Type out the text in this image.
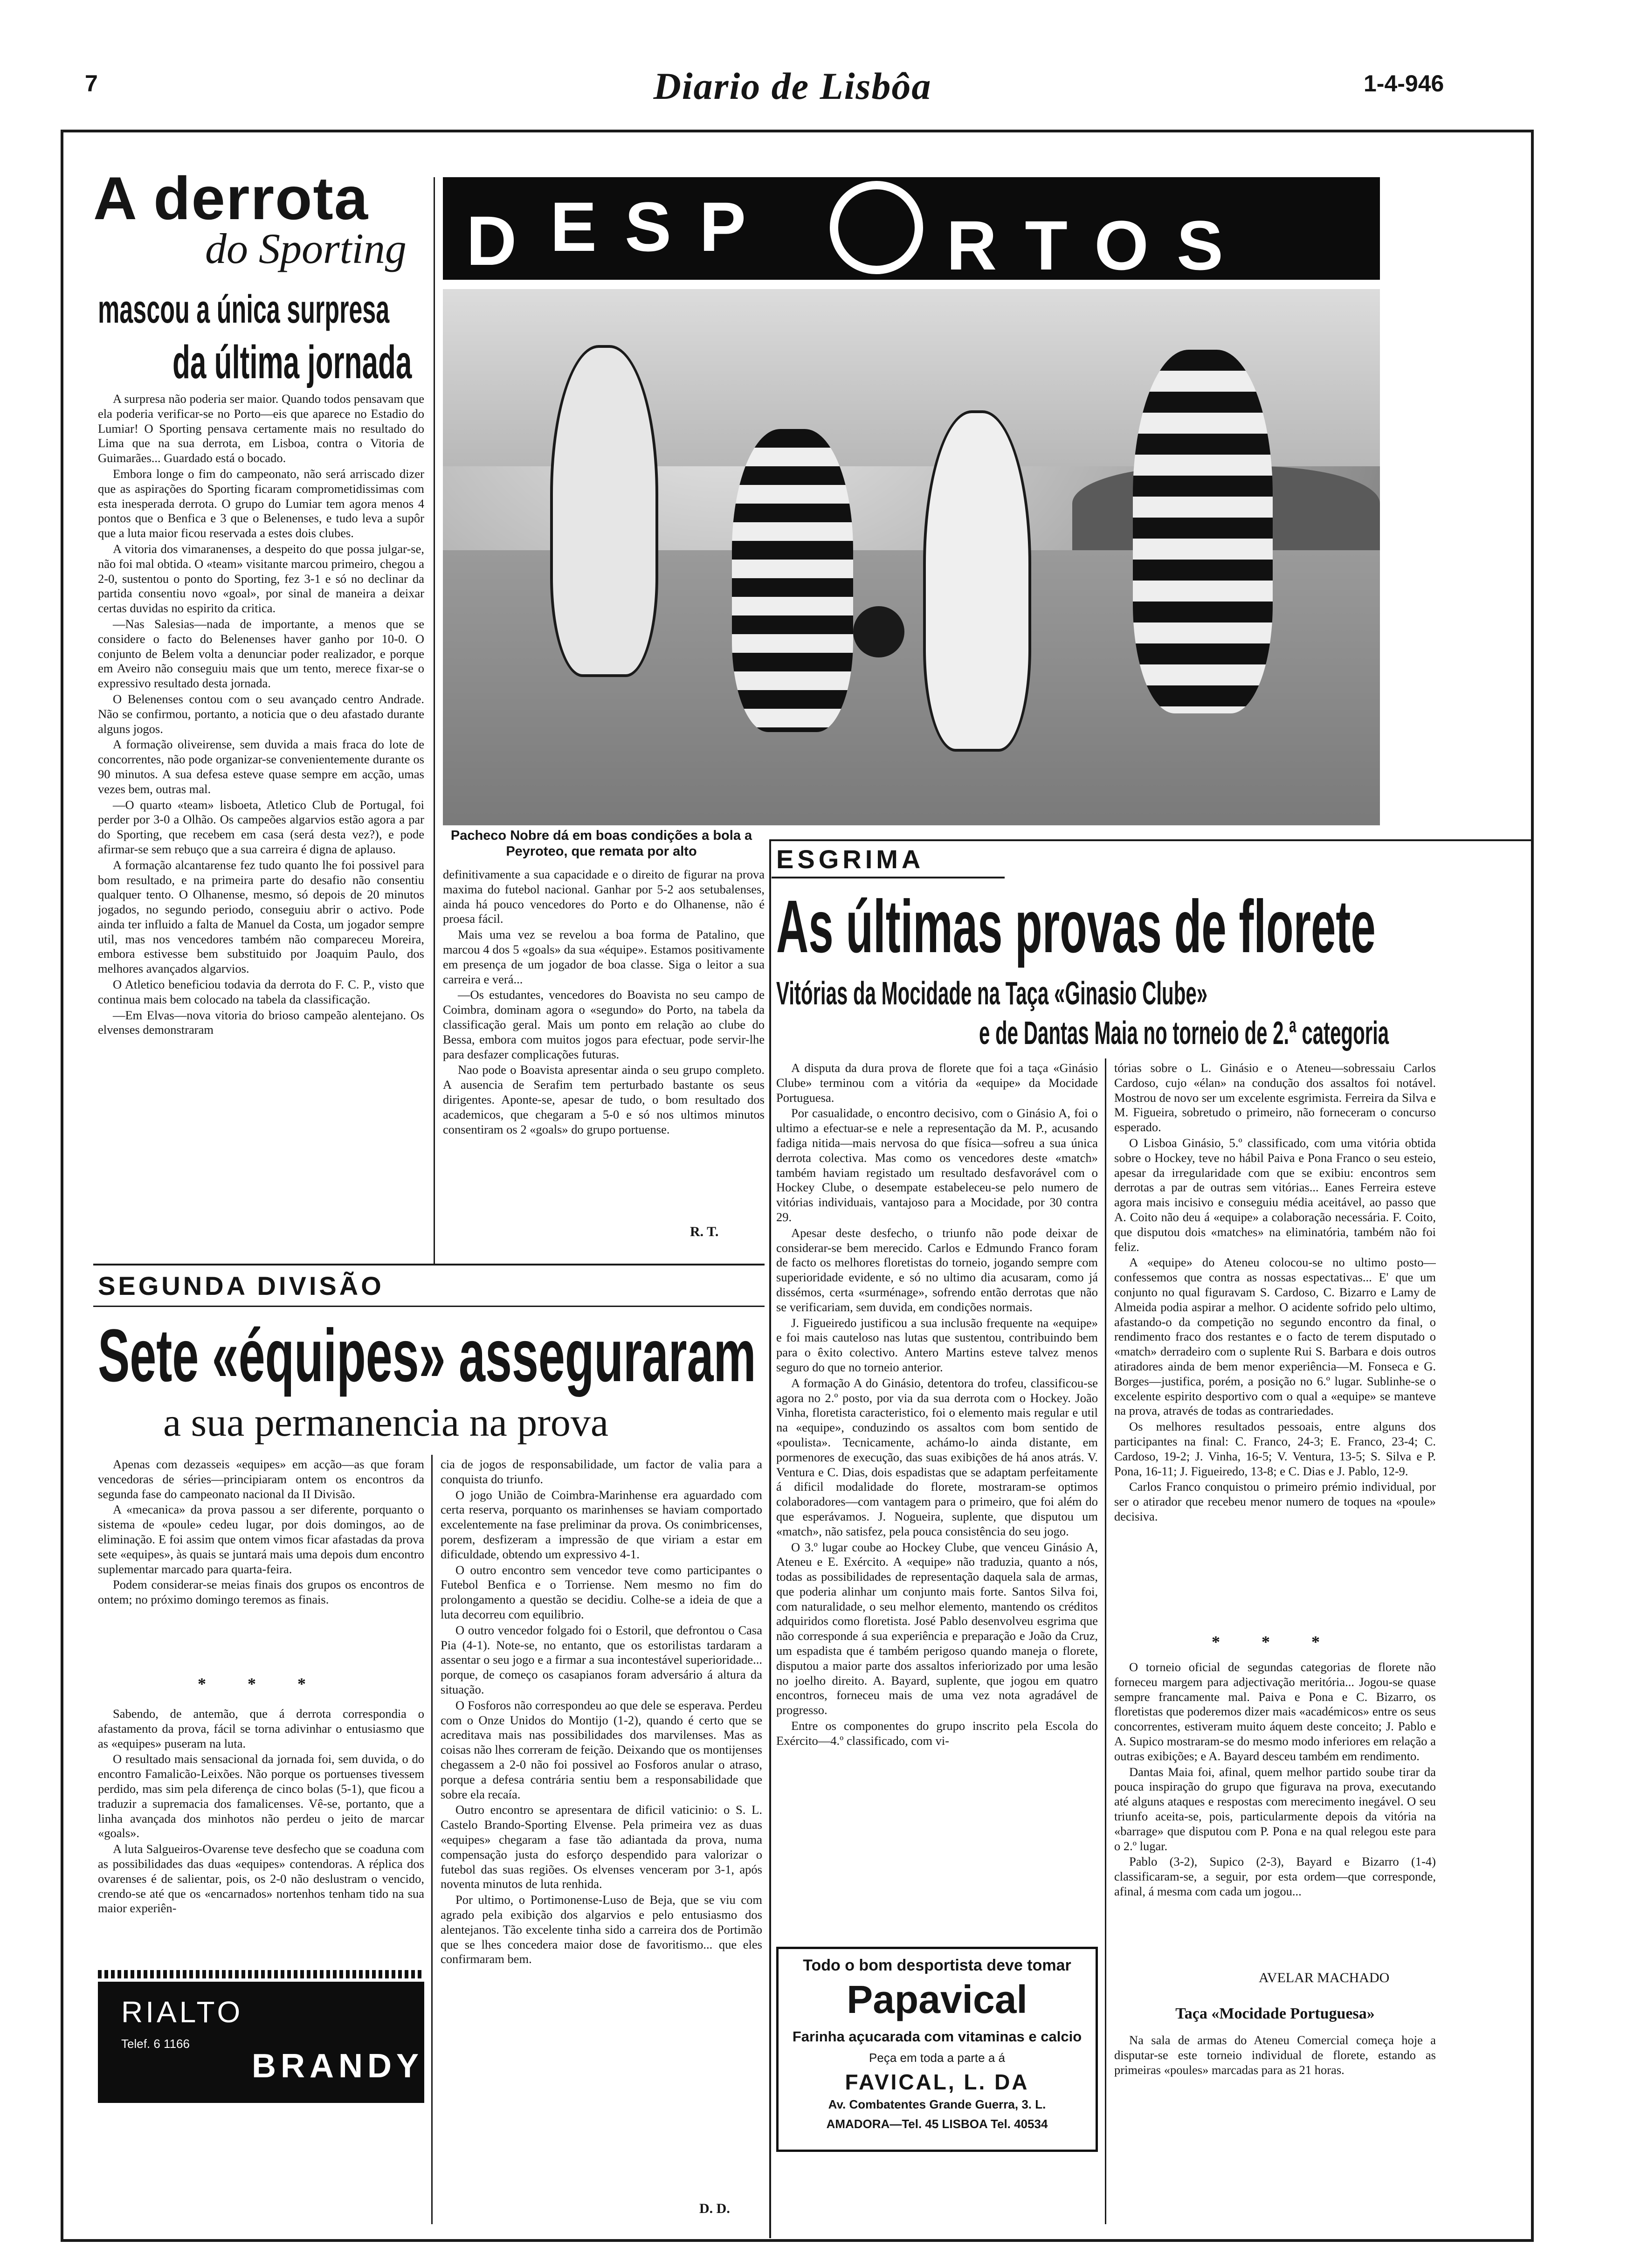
7	Diario de Lisbôa	1-4-946
A derrota
do Sporting
mascou a única surpresa
da última jornada

A surpresa não poderia ser maior. Quando todos pensavam que ela poderia verificar-se no Porto—eis que aparece no Estadio do Lumiar! O Sporting pensava certamente mais no resultado do Lima que na sua derrota, em Lisboa, contra o Vitoria de Guimarães... Guardado está o bocado.

Embora longe o fim do campeonato, não será arriscado dizer que as aspirações do Sporting ficaram comprometidissimas com esta inesperada derrota. O grupo do Lumiar tem agora menos 4 pontos que o Benfica e 3 que o Belenenses, e tudo leva a supôr que a luta maior ficou reservada a estes dois clubes.

A vitoria dos vimaranenses, a despeito do que possa julgar-se, não foi mal obtida. O «team» visitante marcou primeiro, chegou a 2-0, sustentou o ponto do Sporting, fez 3-1 e só no declinar da partida consentiu novo «goal», por sinal de maneira a deixar certas duvidas no espirito da critica.

—Nas Salesias—nada de importante, a menos que se considere o facto do Belenenses haver ganho por 10-0. O conjunto de Belem volta a denunciar poder realizador, e porque em Aveiro não conseguiu mais que um tento, merece fixar-se o expressivo resultado desta jornada.

O Belenenses contou com o seu avançado centro Andrade. Não se confirmou, portanto, a noticia que o deu afastado durante alguns jogos.

A formação oliveirense, sem duvida a mais fraca do lote de concorrentes, não pode organizar-se convenientemente durante os 90 minutos. A sua defesa esteve quase sempre em acção, umas vezes bem, outras mal.

—O quarto «team» lisboeta, Atletico Club de Portugal, foi perder por 3-0 a Olhão. Os campeões algarvios estão agora a par do Sporting, que recebem em casa (será desta vez?), e pode afirmar-se sem rebuço que a sua carreira é digna de aplauso.

A formação alcantarense fez tudo quanto lhe foi possivel para bom resultado, e na primeira parte do desafio não consentiu qualquer tento. O Olhanense, mesmo, só depois de 20 minutos jogados, no segundo periodo, conseguiu abrir o activo. Pode ainda ter influido a falta de Manuel da Costa, um jogador sempre util, mas nos vencedores também não compareceu Moreira, embora estivesse bem substituido por Joaquim Paulo, dos melhores avançados algarvios.

O Atletico beneficiou todavia da derrota do F. C. P., visto que continua mais bem colocado na tabela da classificação.

—Em Elvas—nova vitoria do brioso campeão alentejano. Os elvenses demonstraram

D ESP RTOS
Pacheco Nobre dá em boas condições a bola a Peyroteo, que remata por alto

definitivamente a sua capacidade e o direito de figurar na prova maxima do futebol nacional. Ganhar por 5-2 aos setubalenses, ainda há pouco vencedores do Porto e do Olhanense, não é proesa fácil.

Mais uma vez se revelou a boa forma de Patalino, que marcou 4 dos 5 «goals» da sua «équipe». Estamos positivamente em presença de um jogador de boa classe. Siga o leitor a sua carreira e verá...

—Os estudantes, vencedores do Boavista no seu campo de Coimbra, dominam agora o «segundo» do Porto, na tabela da classificação geral. Mais um ponto em relação ao clube do Bessa, embora com muitos jogos para efectuar, pode servir-lhe para desfazer complicações futuras.

Nao pode o Boavista apresentar ainda o seu grupo completo. A ausencia de Serafim tem perturbado bastante os seus dirigentes. Aponte-se, apesar de tudo, o bom resultado dos academicos, que chegaram a 5-0 e só nos ultimos minutos consentiram os 2 «goals» do grupo portuense.

R. T.
SEGUNDA DIVISÃO
Sete «équipes» asseguraram
a sua permanencia na prova

Apenas com dezasseis «equipes» em acção—as que foram vencedoras de séries—principiaram ontem os encontros da segunda fase do campeonato nacional da II Divisão.

A «mecanica» da prova passou a ser diferente, porquanto o sistema de «poule» cedeu lugar, por dois domingos, ao de eliminação. E foi assim que ontem vimos ficar afastadas da prova sete «equipes», às quais se juntará mais uma depois dum encontro suplementar marcado para quarta-feira.

Podem considerar-se meias finais dos grupos os encontros de ontem; no próximo domingo teremos as finais.

* * *

Sabendo, de antemão, que á derrota correspondia o afastamento da prova, fácil se torna adivinhar o entusiasmo que as «equipes» puseram na luta.

O resultado mais sensacional da jornada foi, sem duvida, o do encontro Famalicão-Leixões. Não porque os portuenses tivessem perdido, mas sim pela diferença de cinco bolas (5-1), que ficou a traduzir a supremacia dos famalicenses. Vê-se, portanto, que a linha avançada dos minhotos não perdeu o jeito de marcar «goals».

A luta Salgueiros-Ovarense teve desfecho que se coaduna com as possibilidades das duas «equipes» contendoras. A réplica dos ovarenses é de salientar, pois, os 2-0 não deslustram o vencido, crendo-se até que os «encarnados» nortenhos tenham tido na sua maior experiên-

cia de jogos de responsabilidade, um factor de valia para a conquista do triunfo.

O jogo União de Coimbra-Marinhense era aguardado com certa reserva, porquanto os marinhenses se haviam comportado excelentemente na fase preliminar da prova. Os conimbricenses, porem, desfizeram a impressão de que viriam a estar em dificuldade, obtendo um expressivo 4-1.

O outro encontro sem vencedor teve como participantes o Futebol Benfica e o Torriense. Nem mesmo no fim do prolongamento a questão se decidiu. Colhe-se a ideia de que a luta decorreu com equilibrio.

O outro vencedor folgado foi o Estoril, que defrontou o Casa Pia (4-1). Note-se, no entanto, que os estorilistas tardaram a assentar o seu jogo e a firmar a sua incontestável superioridade... porque, de começo os casapianos foram adversário á altura da situação.

O Fosforos não correspondeu ao que dele se esperava. Perdeu com o Onze Unidos do Montijo (1-2), quando é certo que se acreditava mais nas possibilidades dos marvilenses. Mas as coisas não lhes correram de feição. Deixando que os montijenses chegassem a 2-0 não foi possivel ao Fosforos anular o atraso, porque a defesa contrária sentiu bem a responsabilidade que sobre ela recaía.

Outro encontro se apresentara de dificil vaticinio: o S. L. Castelo Brando-Sporting Elvense. Pela primeira vez as duas «equipes» chegaram a fase tão adiantada da prova, numa compensação justa do esforço despendido para valorizar o futebol das suas regiões. Os elvenses venceram por 3-1, após noventa minutos de luta renhida.

Por ultimo, o Portimonense-Luso de Beja, que se viu com agrado pela exibição dos algarvios e pelo entusiasmo dos alentejanos. Tão excelente tinha sido a carreira dos de Portimão que se lhes concedera maior dose de favoritismo... que eles confirmaram bem.

D. D.
RIALTO
Telef. 6 1166
BRANDY
ESGRIMA
As últimas provas de florete
Vitórias da Mocidade na Taça «Ginasio Clube»
e de Dantas Maia no torneio de 2.ª categoria

A disputa da dura prova de florete que foi a taça «Ginásio Clube» terminou com a vitória da «equipe» da Mocidade Portuguesa.

Por casualidade, o encontro decisivo, com o Ginásio A, foi o ultimo a efectuar-se e nele a representação da M. P., acusando fadiga nitida—mais nervosa do que física—sofreu a sua única derrota colectiva. Mas como os vencedores deste «match» também haviam registado um resultado desfavorável com o Hockey Clube, o desempate estabeleceu-se pelo numero de vitórias individuais, vantajoso para a Mocidade, por 30 contra 29.

Apesar deste desfecho, o triunfo não pode deixar de considerar-se bem merecido. Carlos e Edmundo Franco foram de facto os melhores floretistas do torneio, jogando sempre com superioridade evidente, e só no ultimo dia acusaram, como já dissémos, certa «surménage», sofrendo então derrotas que não se verificariam, sem duvida, em condições normais.

J. Figueiredo justificou a sua inclusão frequente na «equipe» e foi mais cauteloso nas lutas que sustentou, contribuindo bem para o êxito colectivo. Antero Martins esteve talvez menos seguro do que no torneio anterior.

A formação A do Ginásio, detentora do trofeu, classificou-se agora no 2.º posto, por via da sua derrota com o Hockey. João Vinha, floretista caracteristico, foi o elemento mais regular e util na «equipe», conduzindo os assaltos com bom sentido de «poulista». Tecnicamente, achámo-lo ainda distante, em pormenores de execução, das suas exibições de há anos atrás. V. Ventura e C. Dias, dois espadistas que se adaptam perfeitamente á dificil modalidade do florete, mostraram-se optimos colaboradores—com vantagem para o primeiro, que foi além do que esperávamos. J. Nogueira, suplente, que disputou um «match», não satisfez, pela pouca consistência do seu jogo.

O 3.º lugar coube ao Hockey Clube, que venceu Ginásio A, Ateneu e E. Exército. A «equipe» não traduzia, quanto a nós, todas as possibilidades de representação daquela sala de armas, que poderia alinhar um conjunto mais forte. Santos Silva foi, com naturalidade, o seu melhor elemento, mantendo os créditos adquiridos como floretista. José Pablo desenvolveu esgrima que não corresponde á sua experiência e preparação e João da Cruz, um espadista que é também perigoso quando maneja o florete, disputou a maior parte dos assaltos inferiorizado por uma lesão no joelho direito. A. Bayard, suplente, que jogou em quatro encontros, forneceu mais de uma vez nota agradável de progresso.

Entre os componentes do grupo inscrito pela Escola do Exército—4.º classificado, com vi-

tórias sobre o L. Ginásio e o Ateneu—sobressaiu Carlos Cardoso, cujo «élan» na condução dos assaltos foi notável. Mostrou de novo ser um excelente esgrimista. Ferreira da Silva e M. Figueira, sobretudo o primeiro, não forneceram o concurso esperado.

O Lisboa Ginásio, 5.º classificado, com uma vitória obtida sobre o Hockey, teve no hábil Paiva e Pona Franco o seu esteio, apesar da irregularidade com que se exibiu: encontros sem derrotas a par de outras sem vitórias... Eanes Ferreira esteve agora mais incisivo e conseguiu média aceitável, ao passo que A. Coito não deu á «equipe» a colaboração necessária. F. Coito, que disputou dois «matches» na eliminatória, também não foi feliz.

A «equipe» do Ateneu colocou-se no ultimo posto—confessemos que contra as nossas espectativas... E' que um conjunto no qual figuravam S. Cardoso, C. Bizarro e Lamy de Almeida podia aspirar a melhor. O acidente sofrido pelo ultimo, afastando-o da competição no segundo encontro da final, o rendimento fraco dos restantes e o facto de terem disputado o «match» derradeiro com o suplente Rui S. Barbara e dois outros atiradores ainda de bem menor experiência—M. Fonseca e G. Borges—justifica, porém, a posição no 6.º lugar. Sublinhe-se o excelente espirito desportivo com o qual a «equipe» se manteve na prova, através de todas as contrariedades.

Os melhores resultados pessoais, entre alguns dos participantes na final: C. Franco, 24-3; E. Franco, 23-4; C. Cardoso, 19-2; J. Vinha, 16-5; V. Ventura, 13-5; S. Silva e P. Pona, 16-11; J. Figueiredo, 13-8; e C. Dias e J. Pablo, 12-9.

Carlos Franco conquistou o primeiro prémio individual, por ser o atirador que recebeu menor numero de toques na «poule» decisiva.

* * *

O torneio oficial de segundas categorias de florete não forneceu margem para adjectivação meritória... Jogou-se quase sempre francamente mal. Paiva e Pona e C. Bizarro, os floretistas que poderemos dizer mais «académicos» entre os seus concorrentes, estiveram muito áquem deste conceito; J. Pablo e A. Supico mostraram-se do mesmo modo inferiores em relação a outras exibições; e A. Bayard desceu também em rendimento.

Dantas Maia foi, afinal, quem melhor partido soube tirar da pouca inspiração do grupo que figurava na prova, executando até alguns ataques e respostas com merecimento inegável. O seu triunfo aceita-se, pois, particularmente depois da vitória na «barrage» que disputou com P. Pona e na qual relegou este para o 2.º lugar.

Pablo (3-2), Supico (2-3), Bayard e Bizarro (1-4) classificaram-se, a seguir, por esta ordem—que corresponde, afinal, á mesma com cada um jogou...

AVELAR MACHADO
Taça «Mocidade Portuguesa»

Na sala de armas do Ateneu Comercial começa hoje a disputar-se este torneio individual de florete, estando as primeiras «poules» marcadas para as 21 horas.

Todo o bom desportista deve tomar
Papavical
Farinha açucarada com vitaminas e calcio
Peça em toda a parte a á
FAVICAL, L. DA
Av. Combatentes Grande Guerra, 3. L.
AMADORA—Tel. 45 LISBOA Tel. 40534
